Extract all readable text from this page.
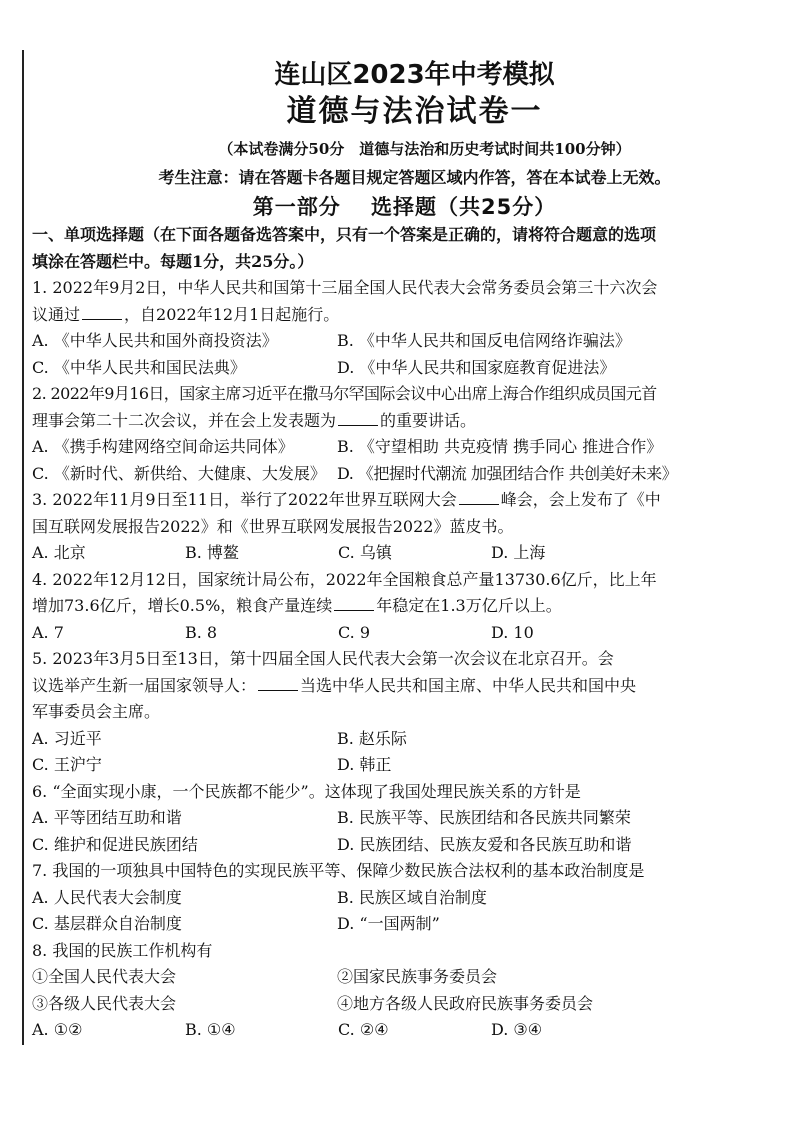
连山区2023年中考模拟
道德与法治试卷一
（本试卷满分50分　道德与法治和历史考试时间共100分钟）
考生注意：请在答题卡各题目规定答题区域内作答，答在本试卷上无效。
第一部分 选择题（共25分）
一、单项选择题（在下面各题备选答案中，只有一个答案是正确的，请将符合题意的选项
填涂在答题栏中。每题1分，共25分。）
1. 2022年9月2日，中华人民共和国第十三届全国人民代表大会常务委员会第三十六次会
议通过	，自2022年12月1日起施行。
A. 《中华人民共和国外商投资法》	B. 《中华人民共和国反电信网络诈骗法》
C. 《中华人民共和国民法典》	D. 《中华人民共和国家庭教育促进法》
2. 2022年9月16日，国家主席习近平在撒马尔罕国际会议中心出席上海合作组织成员国元首
理事会第二十二次会议，并在会上发表题为	的重要讲话。
A. 《携手构建网络空间命运共同体》	B. 《守望相助 共克疫情 携手同心 推进合作》
C. 《新时代、新供给、大健康、大发展》 D. 《把握时代潮流 加强团结合作 共创美好未来》
3. 2022年11月9日至11日，举行了2022年世界互联网大会	峰会，会上发布了《中
国互联网发展报告2022》和《世界互联网发展报告2022》蓝皮书。
A. 北京	B. 博鳌	C. 乌镇	D. 上海
4. 2022年12月12日，国家统计局公布，2022年全国粮食总产量13730.6亿斤，比上年
增加73.6亿斤，增长0.5%，粮食产量连续	年稳定在1.3万亿斤以上。
A. 7	B. 8	C. 9	D. 10
5. 2023年3月5日至13日，第十四届全国人民代表大会第一次会议在北京召开。会
议选举产生新一届国家领导人：	当选中华人民共和国主席、中华人民共和国中央
军事委员会主席。
A. 习近平	B. 赵乐际
C. 王沪宁	D. 韩正
6. “全面实现小康，一个民族都不能少”。这体现了我国处理民族关系的方针是
A. 平等团结互助和谐	B. 民族平等、民族团结和各民族共同繁荣
C. 维护和促进民族团结	D. 民族团结、民族友爱和各民族互助和谐
7. 我国的一项独具中国特色的实现民族平等、保障少数民族合法权利的基本政治制度是
A. 人民代表大会制度	B. 民族区域自治制度
C. 基层群众自治制度	D. “一国两制”
8. 我国的民族工作机构有
①全国人民代表大会	②国家民族事务委员会
③各级人民代表大会	④地方各级人民政府民族事务委员会
A. ①②	B. ①④	C. ②④	D. ③④
